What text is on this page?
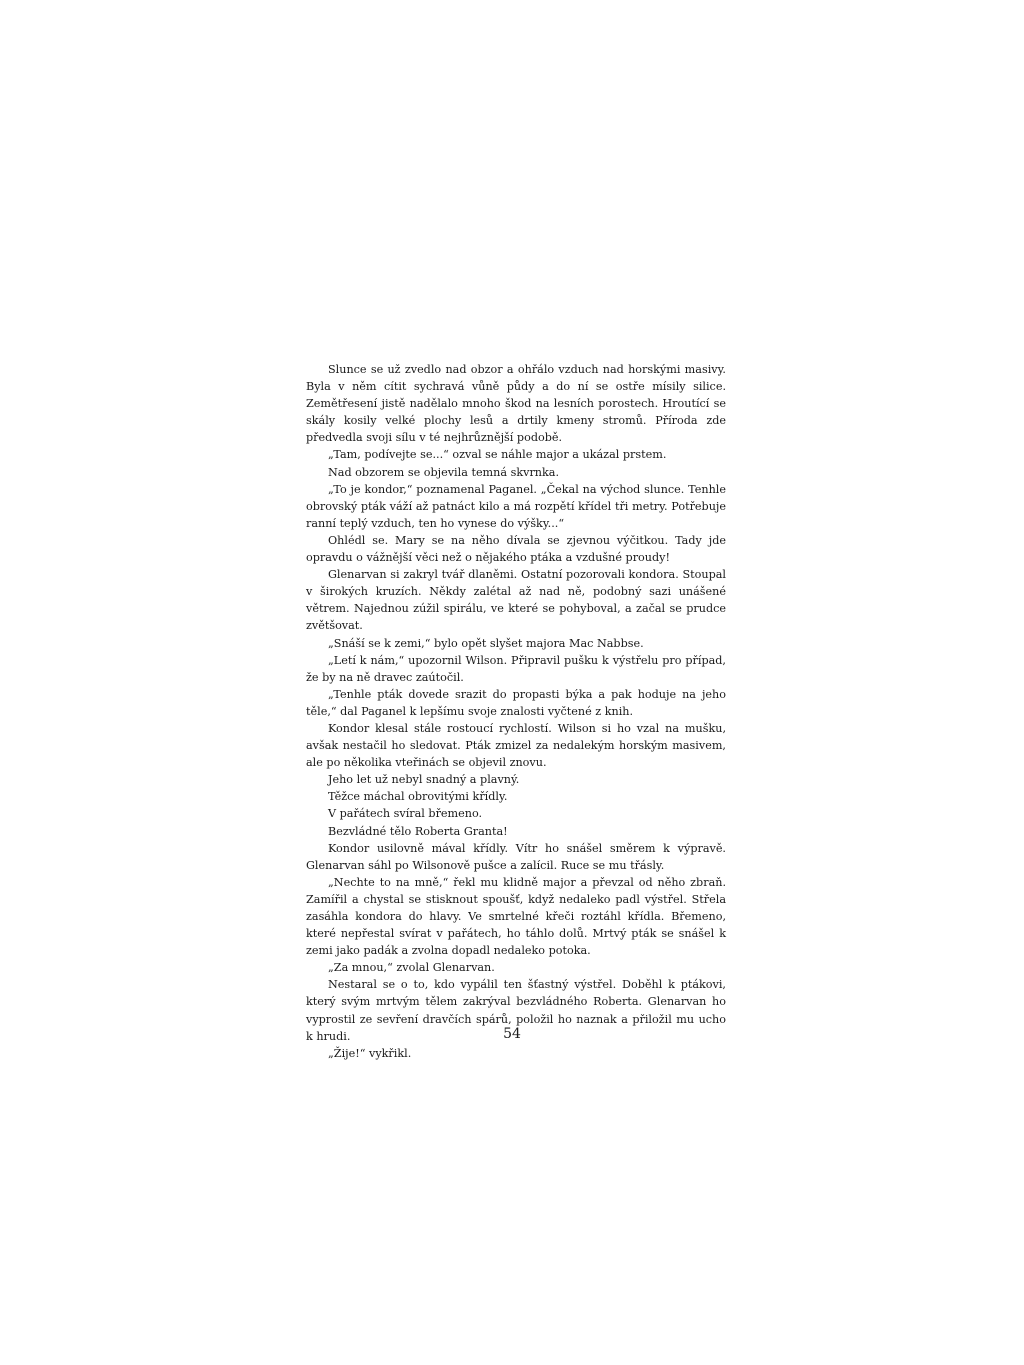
Slunce se už zvedlo nad obzor a ohřálo vzduch nad horskými masivy. Byla v něm cítit sychravá vůně půdy a do ní se ostře mísily silice. Zemětřesení jistě nadělalo mnoho škod na lesních porostech. Hroutící se skály kosily velké plochy lesů a drtily kmeny stromů. Příroda zde předvedla svoji sílu v té nejhrůznější podobě.

„Tam, podívejte se...“ ozval se náhle major a ukázal prstem.

Nad obzorem se objevila temná skvrnka.

„To je kondor,“ poznamenal Paganel. „Čekal na východ slunce. Tenhle obrovský pták váží až patnáct kilo a má rozpětí křídel tři metry. Potřebuje ranní teplý vzduch, ten ho vynese do výšky...“

Ohlédl se. Mary se na něho dívala se zjevnou výčitkou. Tady jde opravdu o vážnější věci než o nějakého ptáka a vzdušné proudy!

Glenarvan si zakryl tvář dlaněmi. Ostatní pozorovali kondora. Stoupal v širokých kruzích. Někdy zalétal až nad ně, podobný sazi unášené větrem. Najednou zúžil spirálu, ve které se pohyboval, a začal se prudce zvětšovat.

„Snáší se k zemi,“ bylo opět slyšet majora Mac Nabbse.

„Letí k nám,“ upozornil Wilson. Připravil pušku k výstřelu pro případ, že by na ně dravec zaútočil.

„Tenhle pták dovede srazit do propasti býka a pak hoduje na jeho těle,“ dal Paganel k lepšímu svoje znalosti vyčtené z knih.

Kondor klesal stále rostoucí rychlostí. Wilson si ho vzal na mušku, avšak nestačil ho sledovat. Pták zmizel za nedalekým horským masivem, ale po několika vteřinách se objevil znovu.

Jeho let už nebyl snadný a plavný.

Těžce máchal obrovitými křídly.

V pařátech svíral břemeno.

Bezvládné tělo Roberta Granta!

Kondor usilovně mával křídly. Vítr ho snášel směrem k výpravě. Glenarvan sáhl po Wilsonově pušce a zalícil. Ruce se mu třásly.

„Nechte to na mně,“ řekl mu klidně major a převzal od něho zbraň. Zamířil a chystal se stisknout spoušť, když nedaleko padl výstřel. Střela zasáhla kondora do hlavy. Ve smrtelné křeči roztáhl křídla. Břemeno, které nepřestal svírat v pařátech, ho táhlo dolů. Mrtvý pták se snášel k zemi jako padák a zvolna dopadl nedaleko potoka.

„Za mnou,“ zvolal Glenarvan.

Nestaral se o to, kdo vypálil ten šťastný výstřel. Doběhl k ptákovi, který svým mrtvým tělem zakrýval bezvládného Roberta. Glenarvan ho vyprostil ze sevření dravčích spárů, položil ho naznak a přiložil mu ucho k hrudi.

„Žije!“ vykřikl.

54
